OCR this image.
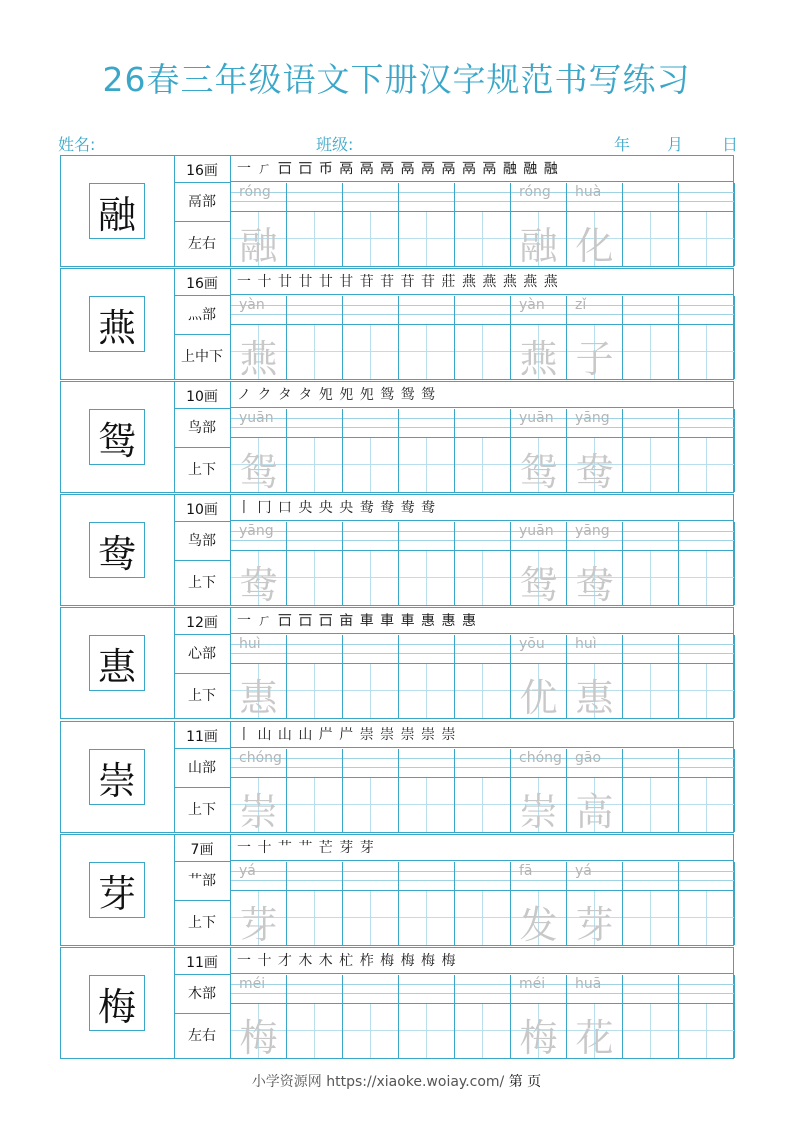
26春三年级语文下册汉字规范书写练习
姓名:	班级:	年 月 日
融
16画
鬲部
左右
一 ㄏ 𠮛 𠮛 币 鬲 鬲 鬲 鬲 鬲 鬲 鬲 鬲 融 融 融
róng
融
róng
融
huà
化
燕
16画
灬部
上中下
一 十 廿 廿 廿 甘 苷 苷 苷 苷 莊 燕 燕 燕 燕 燕
yàn
燕
yàn
燕
zǐ
子
鸳
10画
鸟部
上下
ノ ク タ タ 夗 夗 夗 鸳 鸳 鸳
yuān
鸳
yuān
鸳
yāng
鸯
鸯
10画
鸟部
上下
丨 冂 口 央 央 央 鸯 鸯 鸯 鸯
yāng
鸯
yuān
鸳
yāng
鸯
惠
12画
心部
上下
一 ㄏ 𠮛 𠮛 𠮛 亩 車 車 車 惠 惠 惠
huì
惠
yōu
优
huì
惠
崇
11画
山部
上下
丨 山 山 山 屵 屵 崇 崇 崇 崇 崇
chóng
崇
chóng
崇
gāo
高
芽
7画
艹部
上下
一 十 艹 艹 芒 芽 芽
yá
芽
fā
发
yá
芽
梅
11画
木部
左右
一 十 才 木 木 杧 柞 梅 梅 梅 梅
méi
梅
méi
梅
huā
花
小学资源网 https://xiaoke.woiay.com/ 第 页
